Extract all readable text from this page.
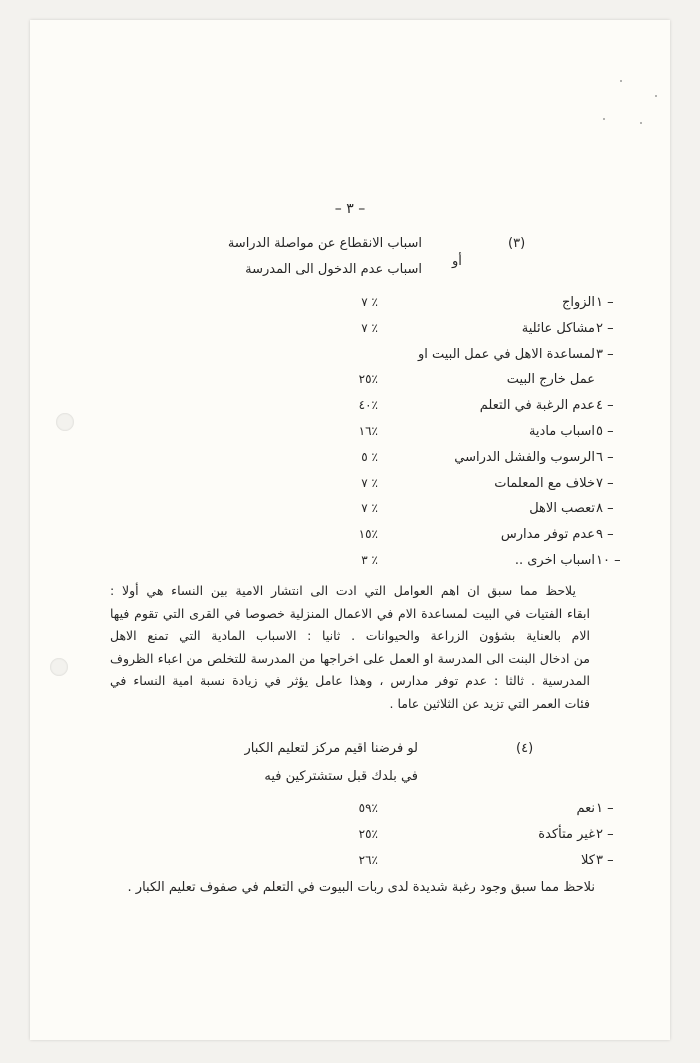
– ٣ –
(٣)
اسباب الانقطاع عن مواصلة الدراسة
أو
اسباب عدم الدخول الى المدرسة
١ –
الزواج
٧ ٪
٢ –
مشاكل عائلية
٧ ٪
٣ –
لمساعدة الاهل في عمل البيت او
عمل خارج البيت
٢٥٪
٤ –
عدم الرغبة في التعلم
٤٠٪
٥ –
اسباب مادية
١٦٪
٦ –
الرسوب والفشل الدراسي
٥ ٪
٧ –
خلاف مع المعلمات
٧ ٪
٨ –
تعصب الاهل
٧ ٪
٩ –
عدم توفر مدارس
١٥٪
١٠ –
اسباب اخرى ..
٣ ٪
يلاحظ مما سبق ان اهم العوامل التي ادت الى انتشار الامية بين النساء هي أولا :
ابقاء الفتيات في البيت لمساعدة الام في الاعمال المنزلية خصوصا في القرى التي تقوم فيها
الام بالعناية بشؤون الزراعة والحيوانات . ثانيا : الاسباب المادية التي تمنع الاهل
من ادخال البنت الى المدرسة او العمل على اخراجها من المدرسة للتخلص من اعباء الظروف
المدرسية . ثالثا : عدم توفر مدارس ، وهذا عامل يؤثر في زيادة نسبة امية النساء في
فئات العمر التي تزيد عن الثلاثين عاما .
(٤)
لو فرضنا اقيم مركز لتعليم الكبار
في بلدك قبل ستشتركين فيه
١ –
نعم
٥٩٪
٢ –
غير متأكدة
٢٥٪
٣ –
كلا
٢٦٪
نلاحظ مما سبق وجود رغبة شديدة لدى ربات البيوت في التعلم في صفوف تعليم الكبار .
